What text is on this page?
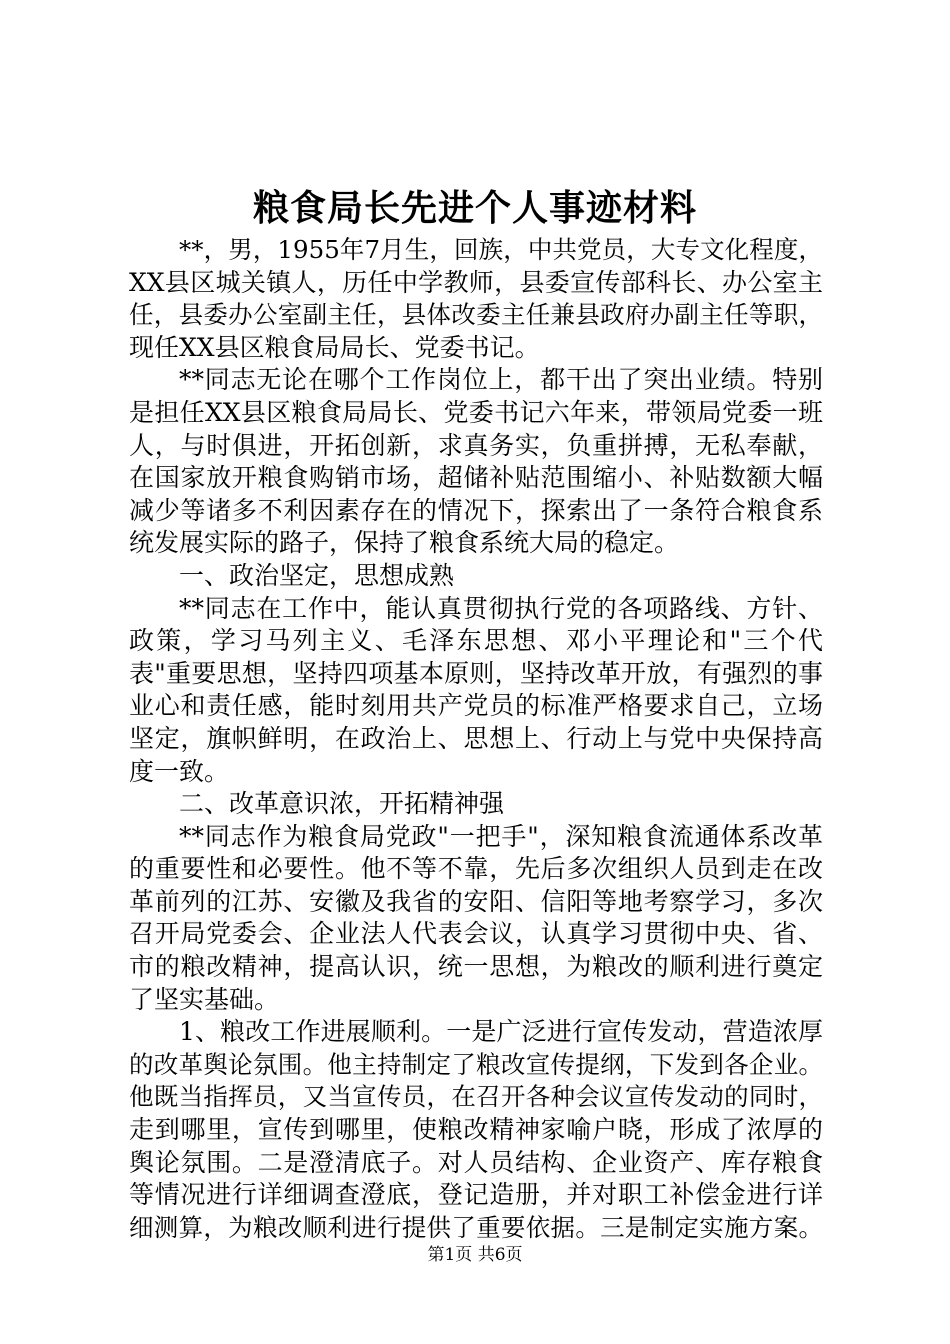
粮食局长先进个人事迹材料
**，男，1955年7月生，回族，中共党员，大专文化程度，
XX县区城关镇人，历任中学教师，县委宣传部科长、办公室主
任，县委办公室副主任，县体改委主任兼县政府办副主任等职，
现任XX县区粮食局局长、党委书记。
**同志无论在哪个工作岗位上，都干出了突出业绩。特别
是担任XX县区粮食局局长、党委书记六年来，带领局党委一班
人，与时俱进，开拓创新，求真务实，负重拼搏，无私奉献，
在国家放开粮食购销市场，超储补贴范围缩小、补贴数额大幅
减少等诸多不利因素存在的情况下，探索出了一条符合粮食系
统发展实际的路子，保持了粮食系统大局的稳定。
一、政治坚定，思想成熟
**同志在工作中，能认真贯彻执行党的各项路线、方针、
政策，学习马列主义、毛泽东思想、邓小平理论和"三个代
表"重要思想，坚持四项基本原则，坚持改革开放，有强烈的事
业心和责任感，能时刻用共产党员的标准严格要求自己，立场
坚定，旗帜鲜明，在政治上、思想上、行动上与党中央保持高
度一致。
二、改革意识浓，开拓精神强
**同志作为粮食局党政"一把手"，深知粮食流通体系改革
的重要性和必要性。他不等不靠，先后多次组织人员到走在改
革前列的江苏、安徽及我省的安阳、信阳等地考察学习，多次
召开局党委会、企业法人代表会议，认真学习贯彻中央、省、
市的粮改精神，提高认识，统一思想，为粮改的顺利进行奠定
了坚实基础。
1、粮改工作进展顺利。一是广泛进行宣传发动，营造浓厚
的改革舆论氛围。他主持制定了粮改宣传提纲，下发到各企业。
他既当指挥员，又当宣传员，在召开各种会议宣传发动的同时，
走到哪里，宣传到哪里，使粮改精神家喻户晓，形成了浓厚的
舆论氛围。二是澄清底子。对人员结构、企业资产、库存粮食
等情况进行详细调查澄底，登记造册，并对职工补偿金进行详
细测算，为粮改顺利进行提供了重要依据。三是制定实施方案。
第1页 共6页
